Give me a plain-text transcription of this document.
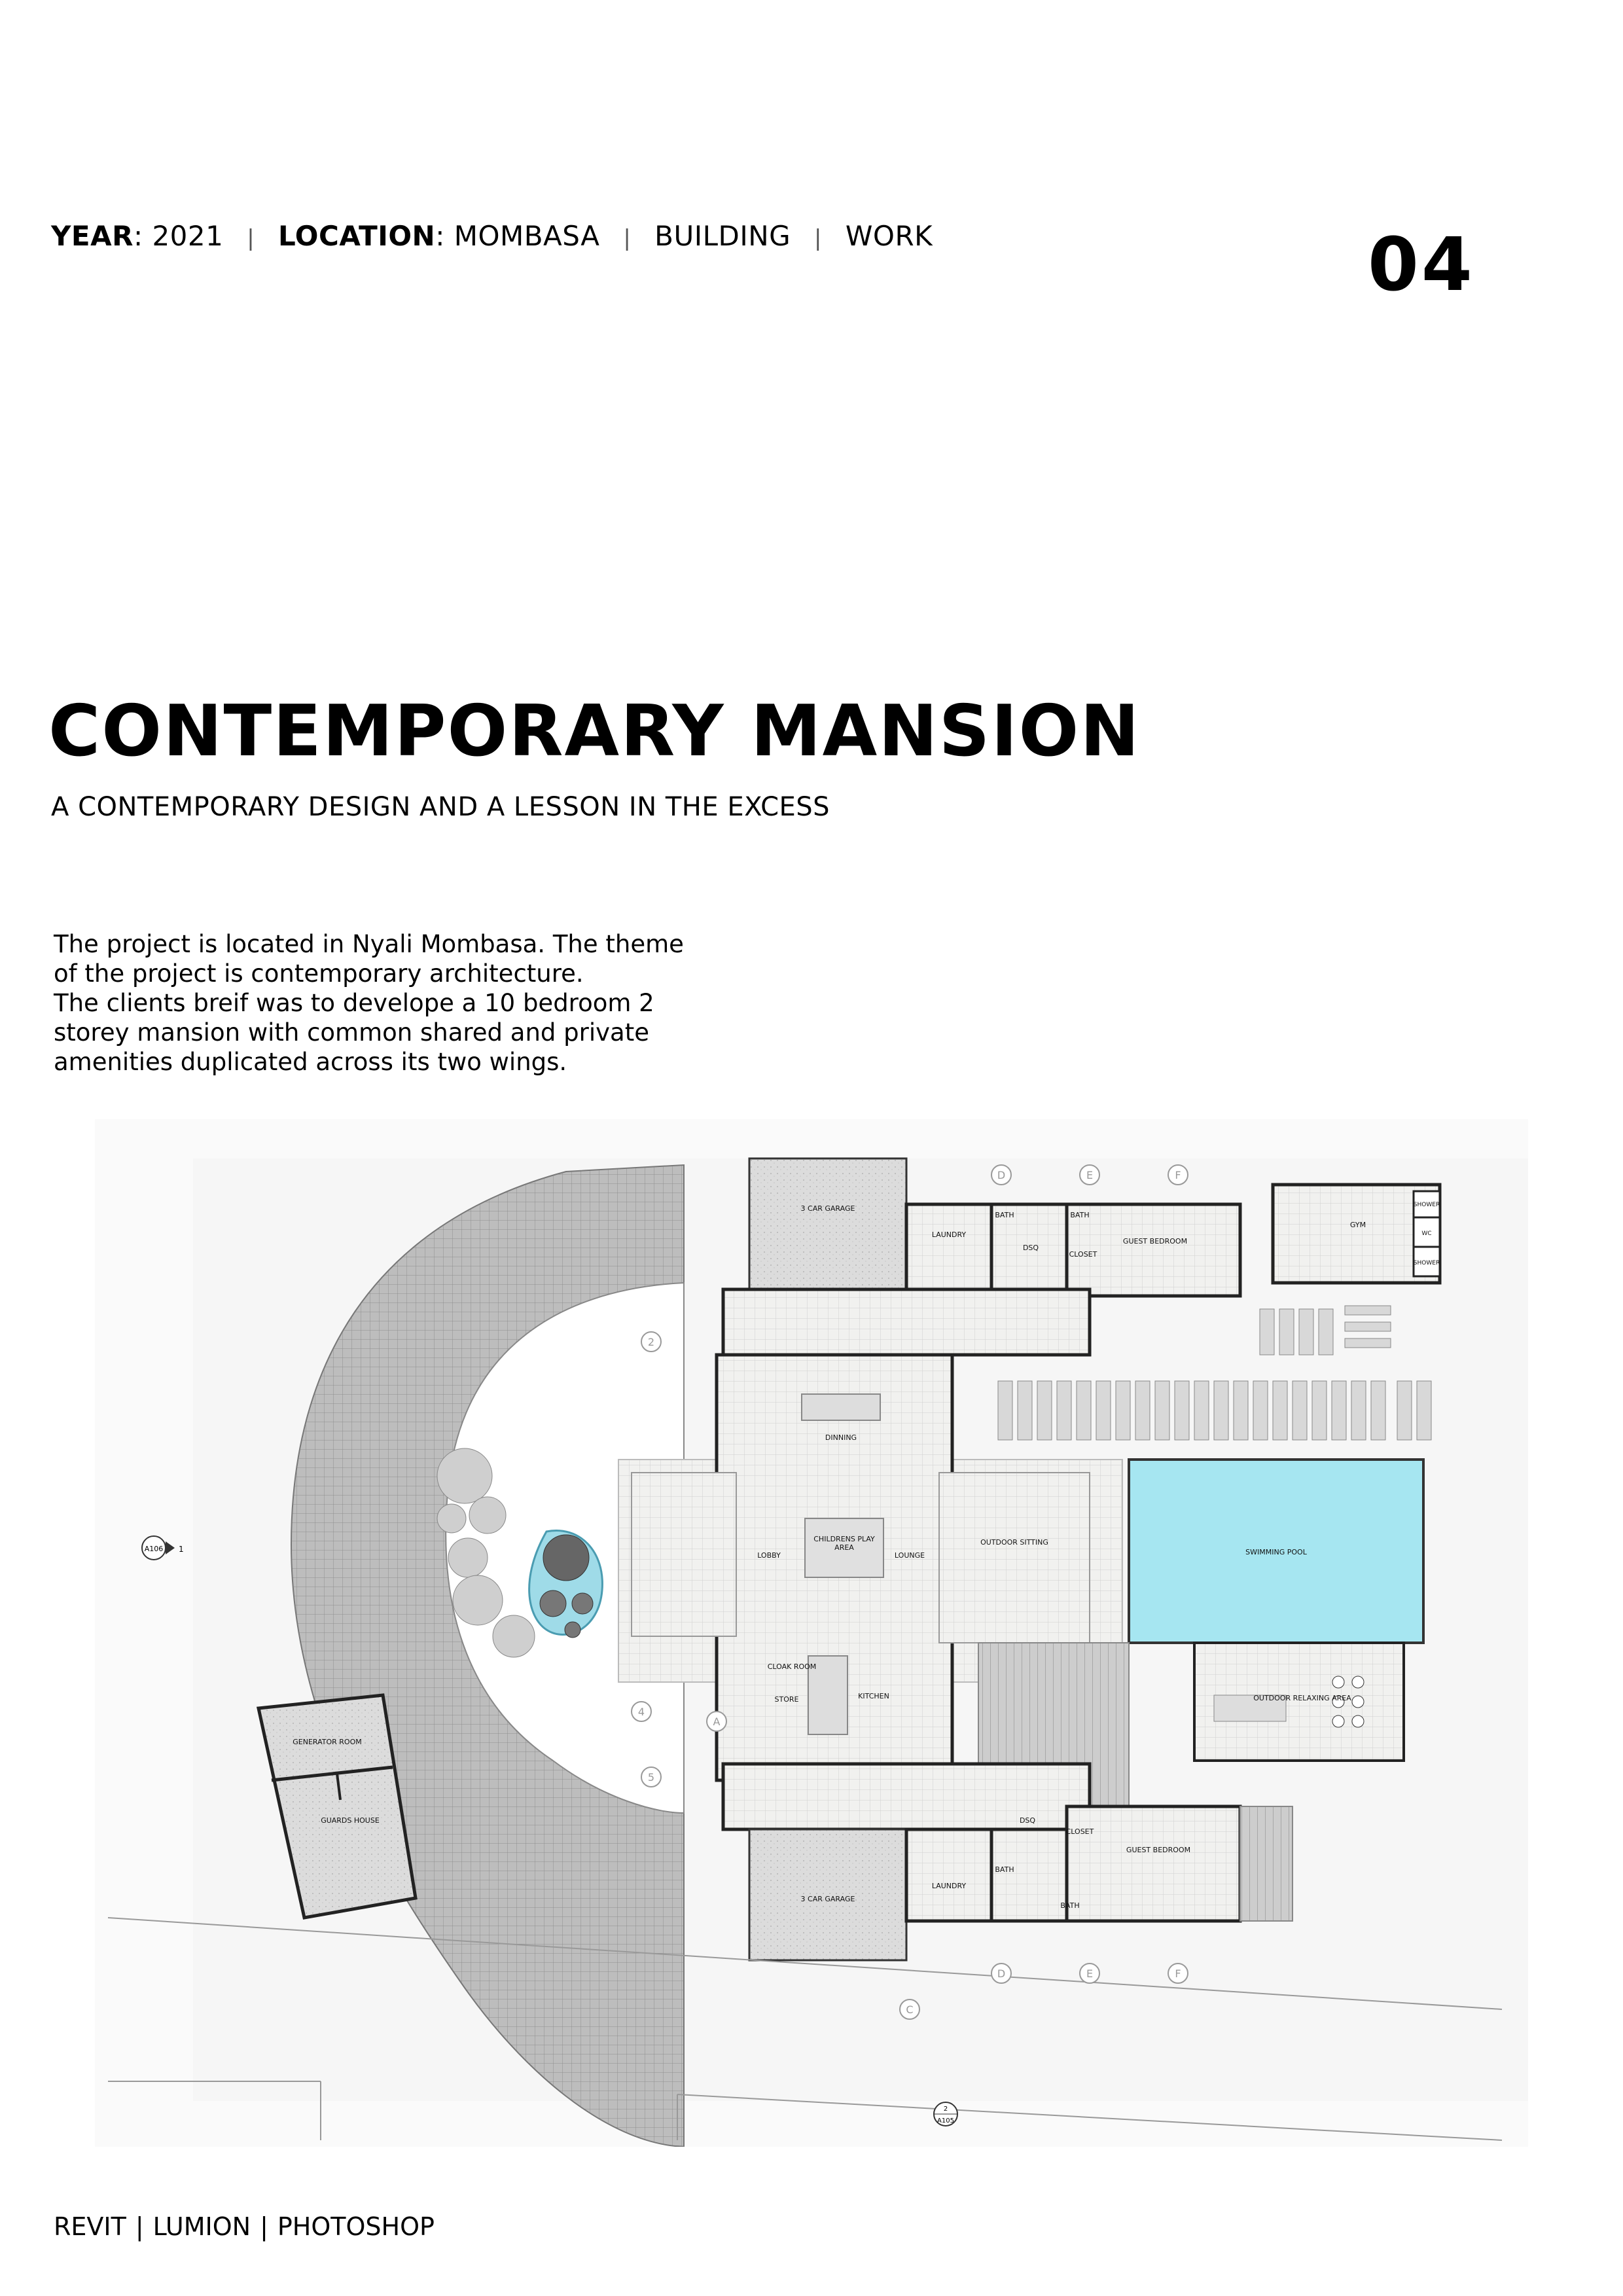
YEAR: 2021 | LOCATION: MOMBASA | BUILDING | WORK	04
CONTEMPORARY MANSION
A CONTEMPORARY DESIGN AND A LESSON IN THE EXCESS

The project is located in Nyali Mombasa. The theme

of the project is contemporary architecture.

The clients breif was to develope a 10 bedroom 2

storey mansion with common shared and private

amenities duplicated across its two wings.

D	E	F
2
4
5
A
D	E	F
C
A106 1
2
A105
3 CAR GARAGE
LAUNDRY
BATH	BATH
DSQ
CLOSET
GUEST BEDROOM
GYM
SHOWER
WC
SHOWER
DINNING
CHILDRENS PLAY
AREA
LOBBY	LOUNGE
OUTDOOR SITTING
SWIMMING POOL
CLOAK ROOM
STORE	KITCHEN	OUTDOOR RELAXING AREA
GENERATOR ROOM
GUARDS HOUSE
3 CAR GARAGE
LAUNDRY
DSQ
CLOSET
BATH
BATH
GUEST BEDROOM
REVIT | LUMION | PHOTOSHOP
